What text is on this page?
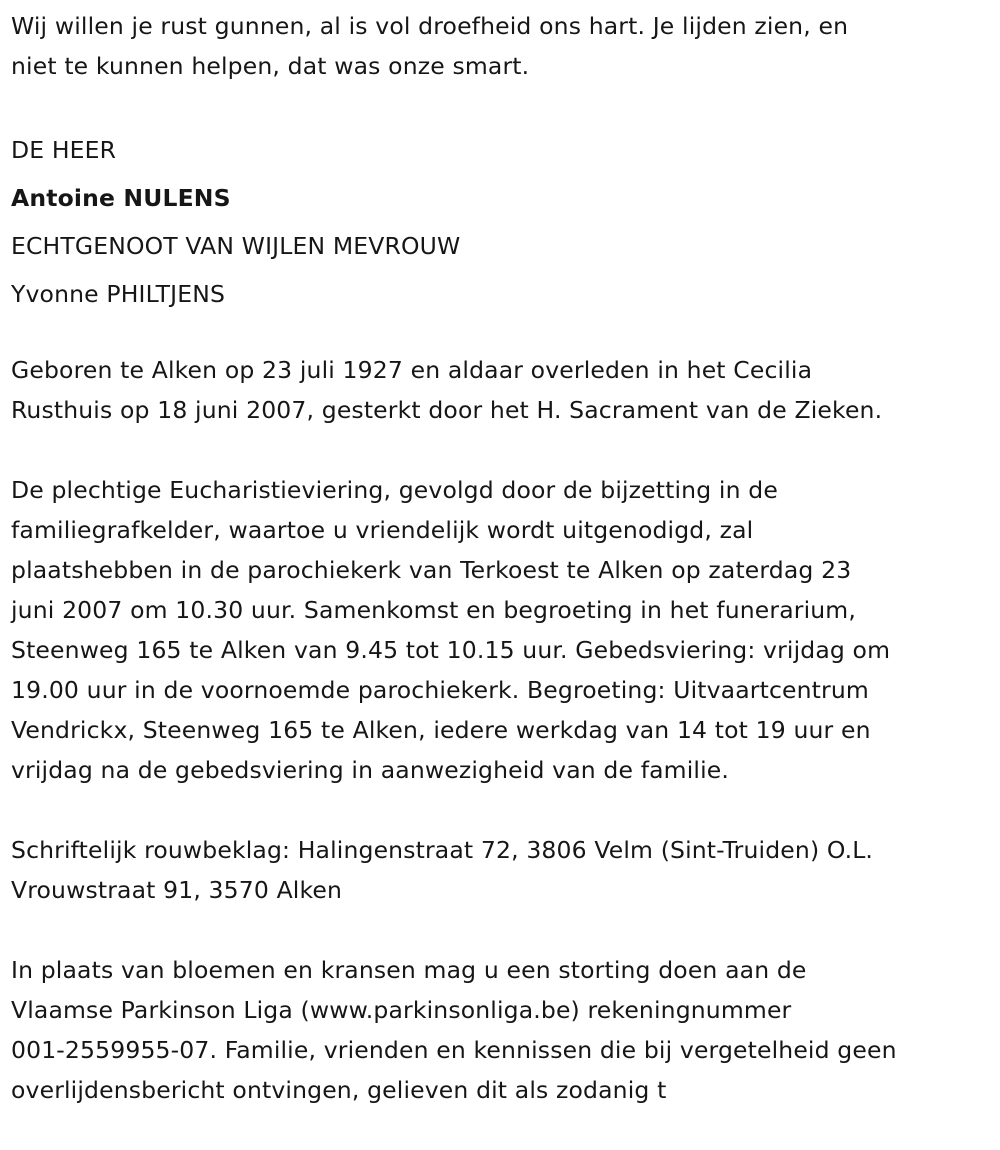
Wij willen je rust gunnen, al is vol droefheid ons hart. Je lijden zien, en
niet te kunnen helpen, dat was onze smart.
DE HEER
Antoine NULENS
ECHTGENOOT VAN WIJLEN MEVROUW
Yvonne PHILTJENS
Geboren te Alken op 23 juli 1927 en aldaar overleden in het Cecilia
Rusthuis op 18 juni 2007, gesterkt door het H. Sacrament van de Zieken.
De plechtige Eucharistieviering, gevolgd door de bijzetting in de
familiegrafkelder, waartoe u vriendelijk wordt uitgenodigd, zal
plaatshebben in de parochiekerk van Terkoest te Alken op zaterdag 23
juni 2007 om 10.30 uur. Samenkomst en begroeting in het funerarium,
Steenweg 165 te Alken van 9.45 tot 10.15 uur. Gebedsviering: vrijdag om
19.00 uur in de voornoemde parochiekerk. Begroeting: Uitvaartcentrum
Vendrickx, Steenweg 165 te Alken, iedere werkdag van 14 tot 19 uur en
vrijdag na de gebedsviering in aanwezigheid van de familie.
Schriftelijk rouwbeklag: Halingenstraat 72, 3806 Velm (Sint-Truiden) O.L.
Vrouwstraat 91, 3570 Alken
In plaats van bloemen en kransen mag u een storting doen aan de
Vlaamse Parkinson Liga (www.parkinsonliga.be) rekeningnummer
001-2559955-07. Familie, vrienden en kennissen die bij vergetelheid geen
overlijdensbericht ontvingen, gelieven dit als zodanig t
